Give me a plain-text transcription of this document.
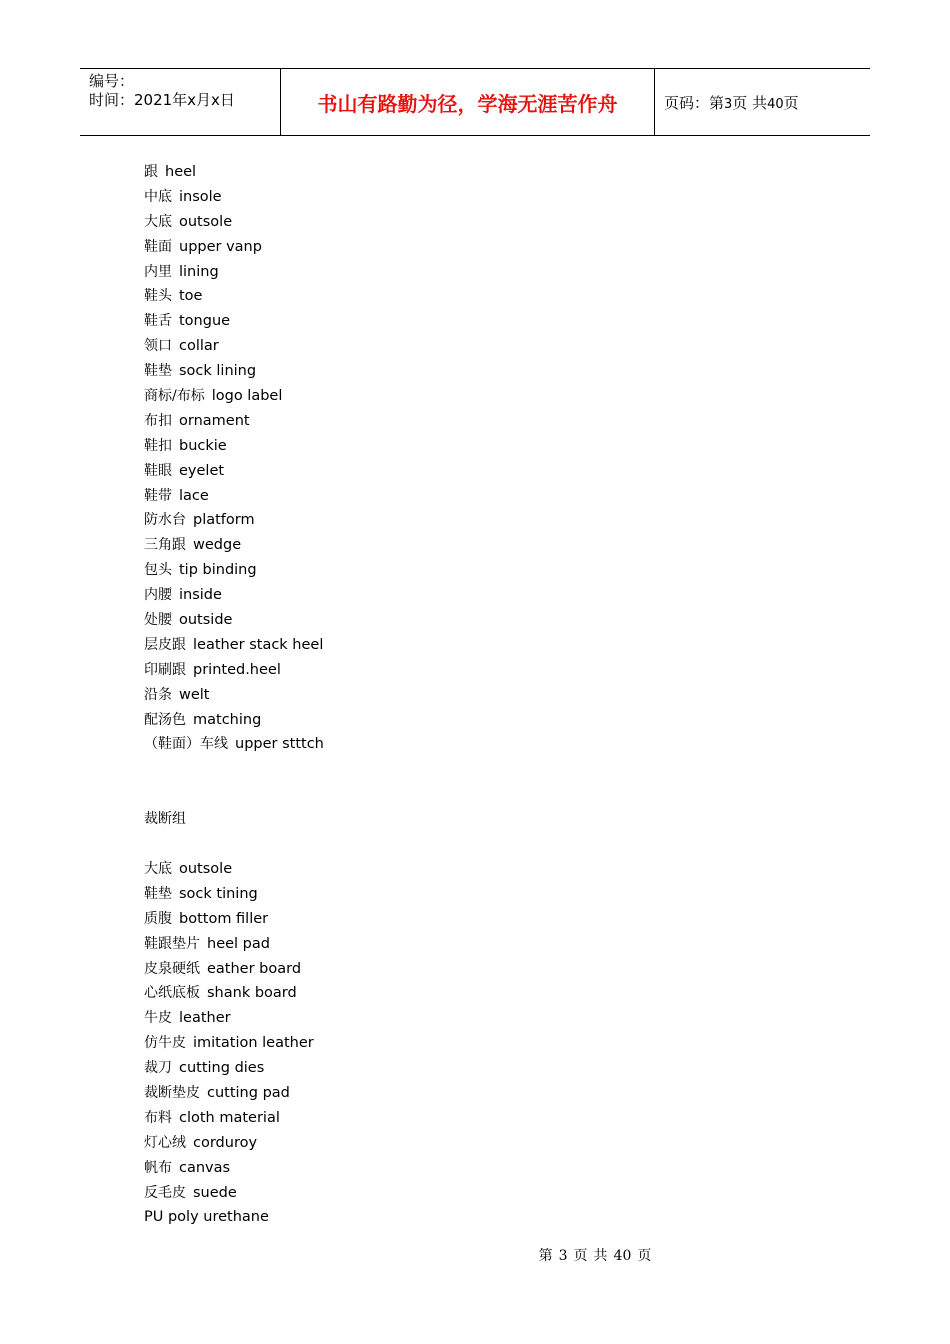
编号：
时间：2021年x月x日	书山有路勤为径，学海无涯苦作舟	页码：第3页 共40页
跟 heel
中底 insole
大底 outsole
鞋面 upper vanp
内里 lining
鞋头 toe
鞋舌 tongue
领口 collar
鞋垫 sock lining
商标/布标 logo label
布扣 ornament
鞋扣 buckie
鞋眼 eyelet
鞋带 lace
防水台 platform
三角跟 wedge
包头 tip binding
内腰 inside
处腰 outside
层皮跟 leather stack heel
印刷跟 printed.heel
沿条 welt
配汤色 matching
（鞋面）车线 upper stttch
裁断组
大底 outsole
鞋垫 sock tining
质腹 bottom filler
鞋跟垫片 heel pad
皮泉硬纸 eather board
心纸底板 shank board
牛皮 leather
仿牛皮 imitation leather
裁刀 cutting dies
裁断垫皮 cutting pad
布料 cloth material
灯心绒 corduroy
帆布 canvas
反毛皮 suede
PU poly urethane
第 3 页 共 40 页
